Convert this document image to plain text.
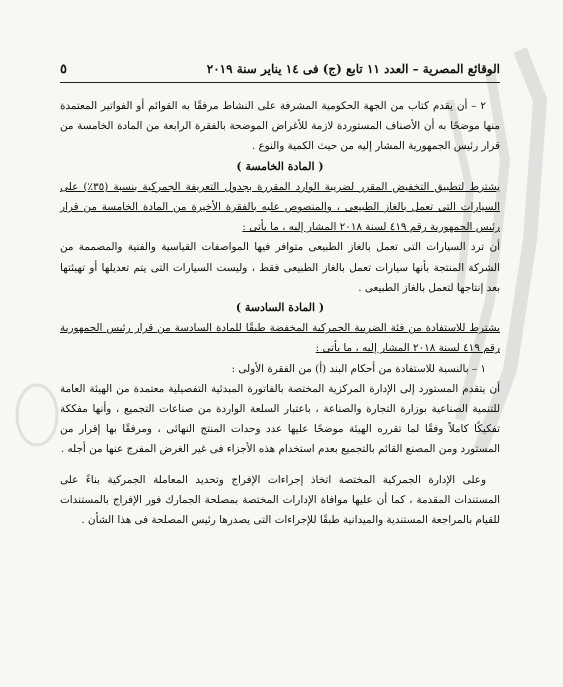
الوقائع المصرية – العدد ١١ تابع (ج) فى ١٤ يناير سنة ٢٠١٩
٥

٢ – أن يقدم كتاب من الجهة الحكومية المشرفة على النشاط مرفقًا به القوائم أو الفواتير المعتمدة منها موضحًا به أن الأصناف المستوردة لازمة للأغراض الموضحة بالفقرة الرابعة من المادة الخامسة من قرار رئيس الجمهورية المشار إليه من حيث الكمية والنوع .

( المادة الخامسة )

يشترط لتطبيق التخفيض المقرر لضريبة الوارد المقررة بجدول التعريفة الجمركية بنسبة (٣٥٪) على السيارات التى تعمل بالغاز الطبيعى ، والمنصوص عليه بالفقرة الأخيرة من المادة الخامسة من قرار رئيس الجمهورية رقم ٤١٩ لسنة ٢٠١٨ المشار إليه ، ما يأتى :

أن ترد السيارات التى تعمل بالغاز الطبيعى متوافر فيها المواصفات القياسية والفنية والمصممة من الشركة المنتجة بأنها سيارات تعمل بالغاز الطبيعى فقط ، وليست السيارات التى يتم تعديلها أو تهيئتها بعد إنتاجها لتعمل بالغاز الطبيعى .

( المادة السادسة )

يشترط للاستفادة من فئة الضريبة الجمركية المخفضة طبقًا للمادة السادسة من قرار رئيس الجمهورية رقم ٤١٩ لسنة ٢٠١٨ المشار إليه ، ما يأتى :

١ – بالنسبة للاستفادة من أحكام البند (أ) من الفقرة الأولى :

أن يتقدم المستورد إلى الإدارة المركزية المختصة بالفاتورة المبدئية التفصيلية معتمدة من الهيئة العامة للتنمية الصناعية بوزارة التجارة والصناعة ، باعتبار السلعة الواردة من صناعات التجميع ، وأنها مفككة تفكيكًا كاملاً وفقًا لما تقرره الهيئة موضحًا عليها عدد وحدات المنتج النهائى ، ومرفقًا بها إقرار من المستورد ومن المصنع القائم بالتجميع بعدم استخدام هذه الأجزاء فى غير الغرض المفرج عنها من أجله .

وعلى الإدارة الجمركية المختصة اتخاذ إجراءات الإفراج وتحديد المعاملة الجمركية بناءً على المستندات المقدمة ، كما أن عليها موافاة الإدارات المختصة بمصلحة الجمارك فور الإفراج بالمستندات للقيام بالمراجعة المستندية والميدانية طبقًا للإجراءات التى يصدرها رئيس المصلحة فى هذا الشأن .
